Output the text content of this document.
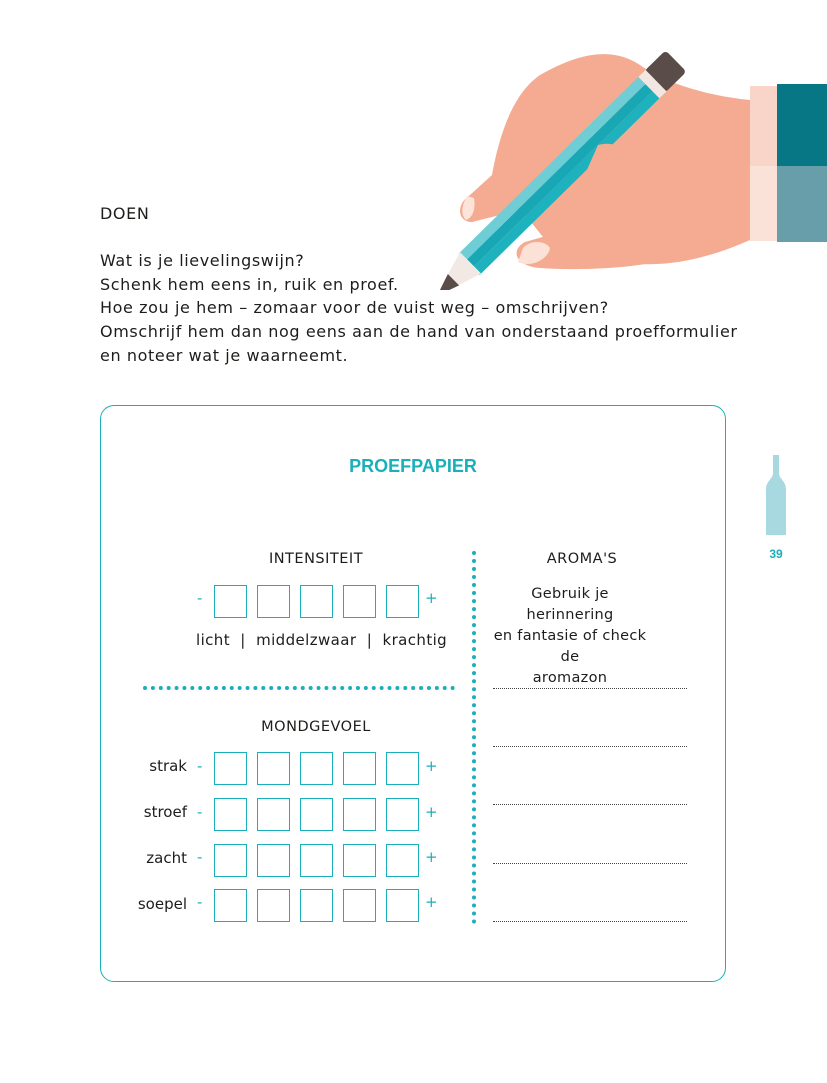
DOEN
Wat is je lievelingswijn?
Schenk hem eens in, ruik en proef.
Hoe zou je hem – zomaar voor de vuist weg – omschrijven?
Omschrijf hem dan nog eens aan de hand van onderstaand proefformulier
en noteer wat je waarneemt.
PROEFPAPIER
INTENSITEIT
-	+
licht  |  middelzwaar  |  krachtig
MONDGEVOEL
strak -	+
stroef -	+
zacht -	+
soepel -	+
AROMA'S
Gebruik je herinnering
en fantasie of check de
aromazon
39
